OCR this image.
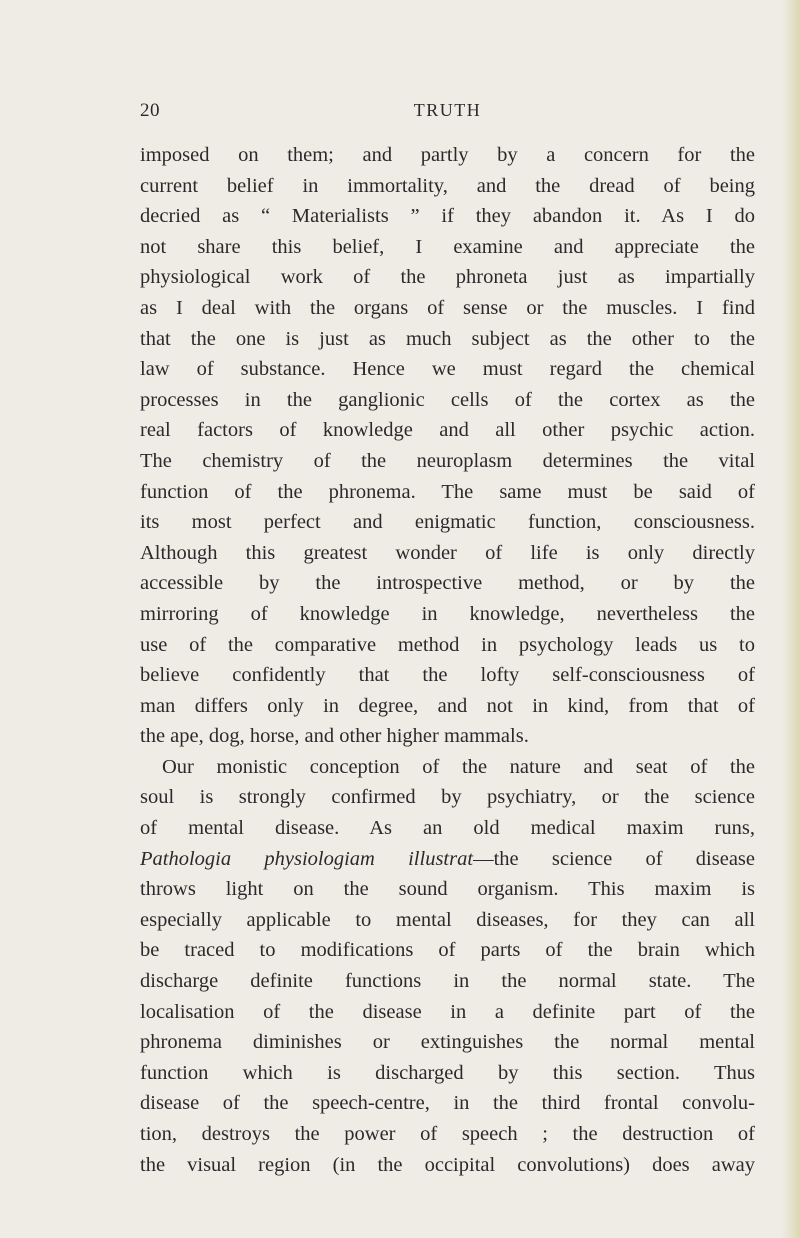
20	TRUTH
imposed on them; and partly by a concern for the
current belief in immortality, and the dread of being
decried as “ Materialists ” if they abandon it. As I do
not share this belief, I examine and appreciate the
physiological work of the phroneta just as impartially
as I deal with the organs of sense or the muscles. I find
that the one is just as much subject as the other to the
law of substance. Hence we must regard the chemical
processes in the ganglionic cells of the cortex as the
real factors of knowledge and all other psychic action.
The chemistry of the neuroplasm determines the vital
function of the phronema. The same must be said of
its most perfect and enigmatic function, consciousness.
Although this greatest wonder of life is only directly
accessible by the introspective method, or by the
mirroring of knowledge in knowledge, nevertheless the
use of the comparative method in psychology leads us to
believe confidently that the lofty self-consciousness of
man differs only in degree, and not in kind, from that of
the ape, dog, horse, and other higher mammals.
Our monistic conception of the nature and seat of the
soul is strongly confirmed by psychiatry, or the science
of mental disease. As an old medical maxim runs,
Pathologia physiologiam illustrat—the science of disease
throws light on the sound organism. This maxim is
especially applicable to mental diseases, for they can all
be traced to modifications of parts of the brain which
discharge definite functions in the normal state. The
localisation of the disease in a definite part of the
phronema diminishes or extinguishes the normal mental
function which is discharged by this section. Thus
disease of the speech-centre, in the third frontal convolu-
tion, destroys the power of speech ; the destruction of
the visual region (in the occipital convolutions) does away
